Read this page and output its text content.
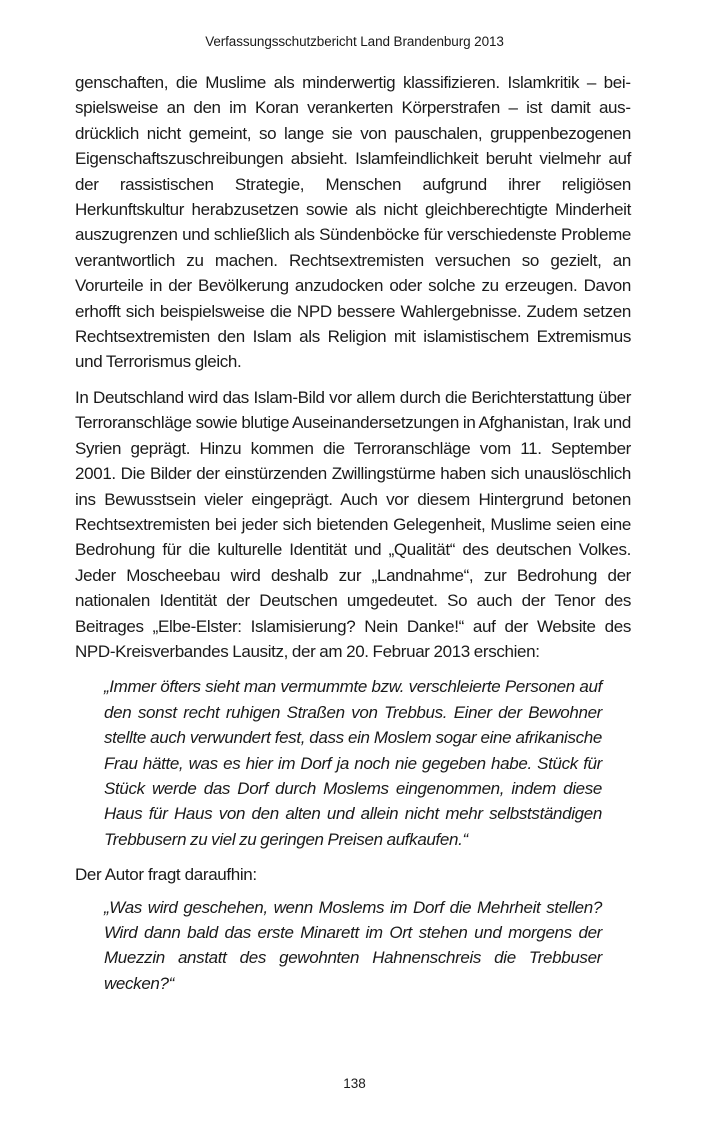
Verfassungsschutzbericht Land Brandenburg 2013

genschaften, die Muslime als minderwertig klassifizieren. Islamkritik – beispielsweise an den im Koran verankerten Körperstrafen – ist damit ausdrücklich nicht gemeint, so lange sie von pauschalen, gruppenbezogenen Eigenschaftszuschreibungen absieht. Islamfeindlichkeit beruht vielmehr auf der rassistischen Strategie, Menschen aufgrund ihrer religiösen Herkunftskultur herabzusetzen sowie als nicht gleichberechtigte Minderheit auszugrenzen und schließlich als Sündenböcke für verschiedenste Probleme verantwortlich zu machen. Rechtsextremisten versuchen so gezielt, an Vorurteile in der Bevölkerung anzudocken oder solche zu erzeugen. Davon erhofft sich beispielsweise die NPD bessere Wahlergebnisse. Zudem setzen Rechtsextremisten den Islam als Religion mit islamistischem Extremismus und Terrorismus gleich.

In Deutschland wird das Islam-Bild vor allem durch die Berichterstattung über Terroranschläge sowie blutige Auseinandersetzungen in Afghanistan, Irak und Syrien geprägt. Hinzu kommen die Terroranschläge vom 11. September 2001. Die Bilder der einstürzenden Zwillingstürme haben sich unauslöschlich ins Bewusstsein vieler eingeprägt. Auch vor diesem Hintergrund betonen Rechtsextremisten bei jeder sich bietenden Gelegenheit, Muslime seien eine Bedrohung für die kulturelle Identität und „Qualität“ des deutschen Volkes. Jeder Moscheebau wird deshalb zur „Landnahme“, zur Bedrohung der nationalen Identität der Deutschen umgedeutet. So auch der Tenor des Beitrages „Elbe-Elster: Islamisierung? Nein Danke!“ auf der Website des NPD-Kreisverbandes Lausitz, der am 20. Februar 2013 erschien:

„Immer öfters sieht man vermummte bzw. verschleierte Personen auf den sonst recht ruhigen Straßen von Trebbus. Einer der Bewohner stellte auch verwundert fest, dass ein Moslem sogar eine afrikanische Frau hätte, was es hier im Dorf ja noch nie gegeben habe. Stück für Stück werde das Dorf durch Moslems eingenommen, indem diese Haus für Haus von den alten und allein nicht mehr selbstständigen Trebbusern zu viel zu geringen Preisen aufkaufen.“

Der Autor fragt daraufhin:

„Was wird geschehen, wenn Moslems im Dorf die Mehrheit stellen? Wird dann bald das erste Minarett im Ort stehen und morgens der Muezzin anstatt des gewohnten Hahnenschreis die Trebbuser wecken?“

138
